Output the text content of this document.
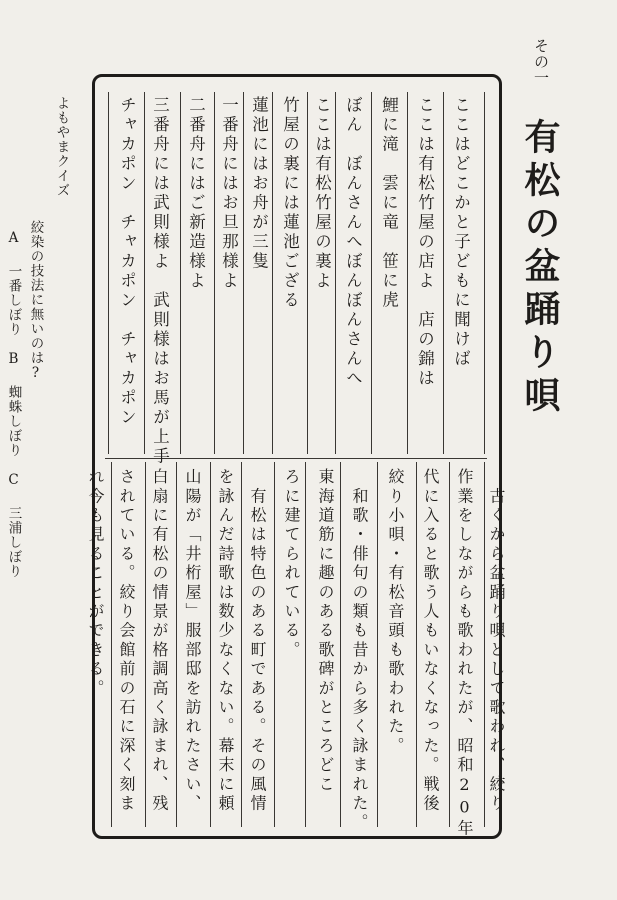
その一
有松の盆踊り唄

ここはどこかと子どもに聞けば

ここは有松竹屋の店よ　店の錦は

鯉に滝　雲に竜　笹に虎

ぼん　ぼんさんへぼんぼんさんへ

ここは有松竹屋の裏よ

竹屋の裏には蓮池ござる

蓮池にはお舟が三隻

一番舟にはお旦那様よ

二番舟にはご新造様よ

三番舟には武則様よ　武則様はお馬が上手

チャカポン　チャカポン　チャカポン

　古くから盆踊り唄として歌われ、絞り

作業をしながらも歌われたが、昭和20年

代に入ると歌う人もいなくなった。戦後

絞り小唄・有松音頭も歌われた。

　和歌・俳句の類も昔から多く詠まれた。

東海道筋に趣のある歌碑がところどこ

ろに建てられている。

　有松は特色のある町である。その風情

を詠んだ詩歌は数少なくない。幕末に頼

山陽が「井桁屋」服部邸を訪れたさい、

白扇に有松の情景が格調高く詠まれ、残

されている。絞り会館前の石に深く刻ま

れ今も見ることができる。

よもやまクイズ
絞染の技法に無いのは?
A 一番しぼり　B 蜘蛛しぼり　C 三浦しぼり
